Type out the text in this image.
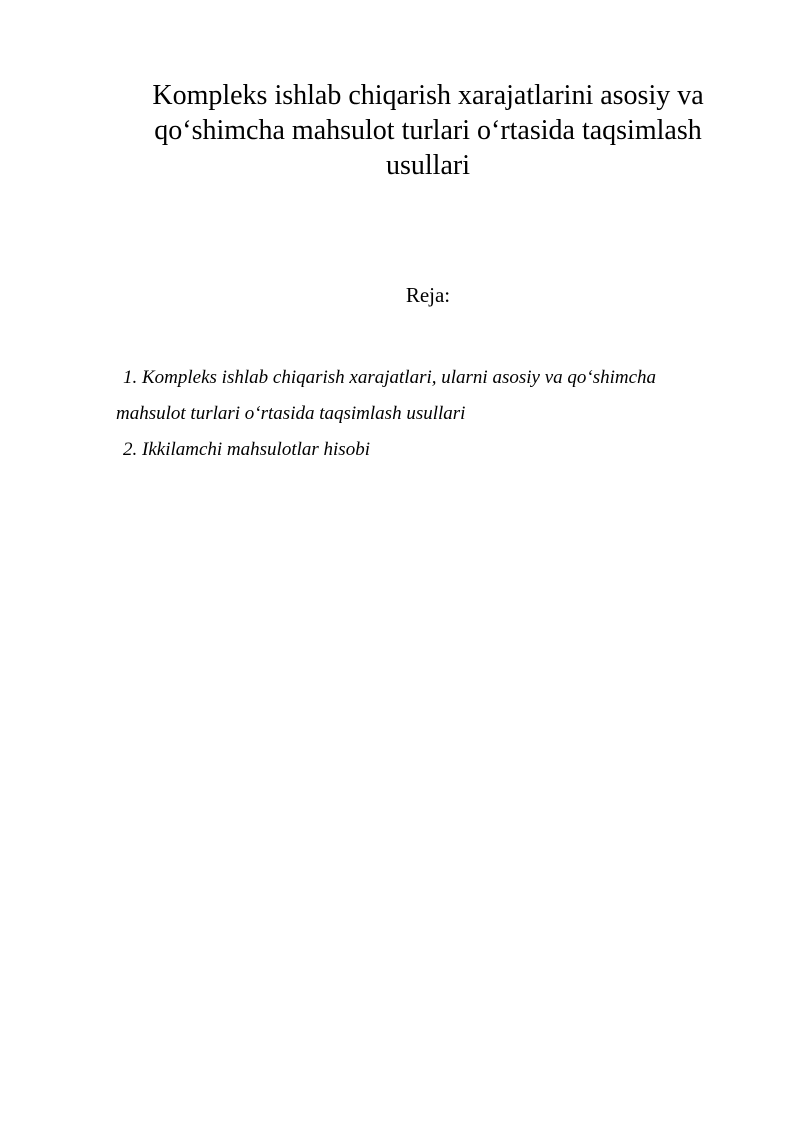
Kompleks ishlab chiqarish xarajatlarini asosiy va
qo‘shimcha mahsulot turlari o‘rtasida taqsimlash
usullari

Reja:

1. Kompleks ishlab chiqarish xarajatlari, ularni asosiy va qo‘shimcha
mahsulot turlari o‘rtasida taqsimlash usullari
2. Ikkilamchi mahsulotlar hisobi
